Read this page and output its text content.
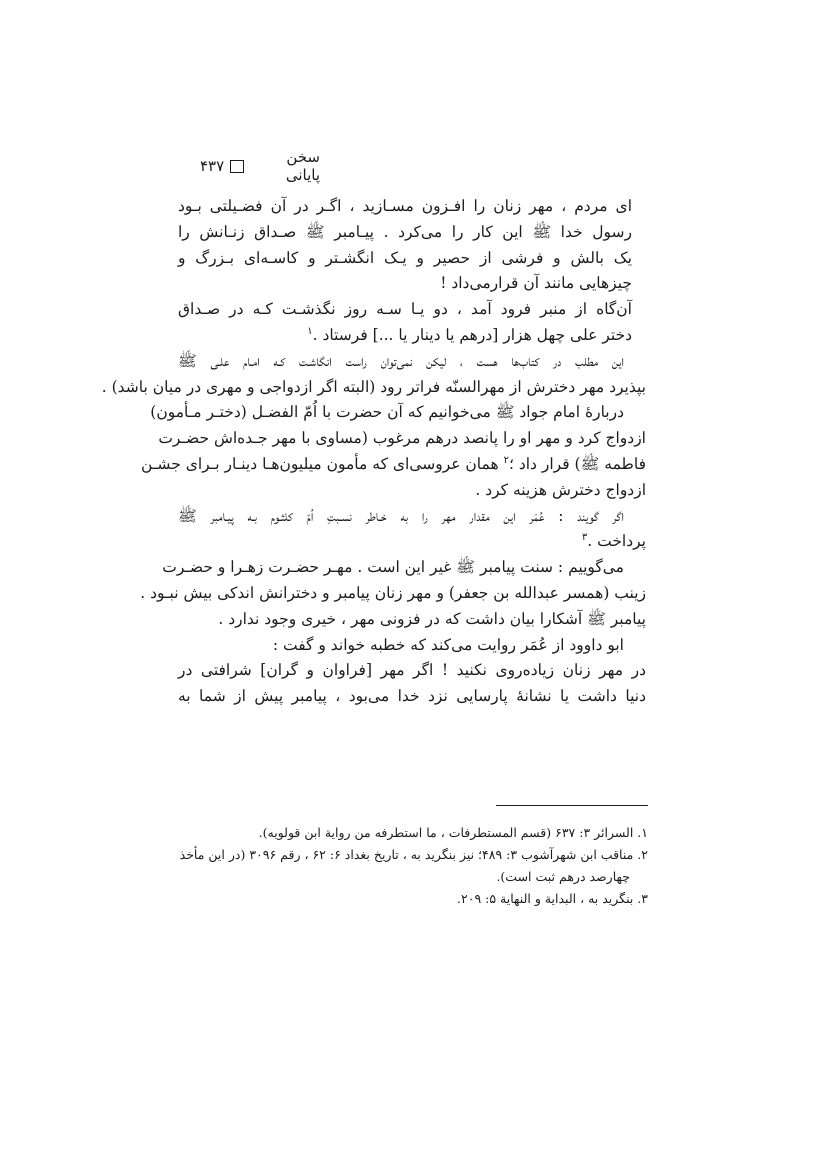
۴۳۷	سخن پایانی
ای مردم ، مهر زنان را افـزون مسـازید ، اگـر در آن فضـیلتی بـود
رسول خدا ﷺ این کار را می‌کرد . پیـامبر ﷺ صـداق زنـانش را
یک بالش و فرشی از حصیر و یـک انگشـتر و کاسـه‌ای بـزرگ و
چیزهایی مانند آن قرارمی‌داد !
آن‌گاه از منبر فرود آمد ، دو یـا سـه روز نگذشـت کـه در صـداق
دختر علی چهل هزار [درهم یا دینار یا ...] فرستاد .$^۱$
این مطلب در کتاب‌ها هست ، لیکن نمی‌توان راست انگاشـت کـه امـام علـی ﷺ
بپذیرد مهر دخترش از مهرالسنّه فراتر رود (البته اگر ازدواجی و مهری در میان باشد) .
دربارهٔ امام جواد ﷺ می‌خوانیم که آن حضرت با اُمّ الفضـل (دختـر مـأمون)
ازدواج کرد و مهر او را پانصد درهم مرغوب (مساوی با مهر جـده‌اش حضـرت
فاطمه ﷺ) قرار داد ؛$^۲$ همان عروسی‌ای که مأمون میلیون‌هـا دینـار بـرای جشـن
ازدواج دخترش هزینه کرد .
اگر گویند : عُمَر این مقدار مهر را به خـاطر نسـبتِ اُمّ کلثـوم بـه پیـامبر ﷺ
پرداخت .$^۳$
می‌گوییم : سنت پیامبر ﷺ غیر این است . مهـر حضـرت زهـرا و حضـرت
زینب (همسر عبدالله بن جعفر) و مهر زنان پیامبر و دخترانش اندکی بیش نبـود .
پیامبر ﷺ آشکارا بیان داشت که در فزونی مهر ، خیری وجود ندارد .
ابو داوود از عُمَر روایت می‌کند که خطبه خواند و گفت :
در مهر زنان زیاده‌روی نکنید ! اگر مهر [فراوان و گران] شرافتی در
دنیا داشت یا نشانهٔ پارسایی نزد خدا می‌بود ، پیامبر پیش از شما به
۱. السرائر ۳: ۶۳۷ (قسم المستطرفات ، ما استطرفه من روایة ابن قولویه).
۲. مناقب ابن شهرآشوب ۳: ۴۸۹؛ نیز بنگرید به ، تاریخ بغداد ۶: ۶۲ ، رقم ۳۰۹۶ (در این مأخذ
چهارصد درهم ثبت است).
۳. بنگرید به ، البدایة و النهایة ۵: ۲۰۹.
